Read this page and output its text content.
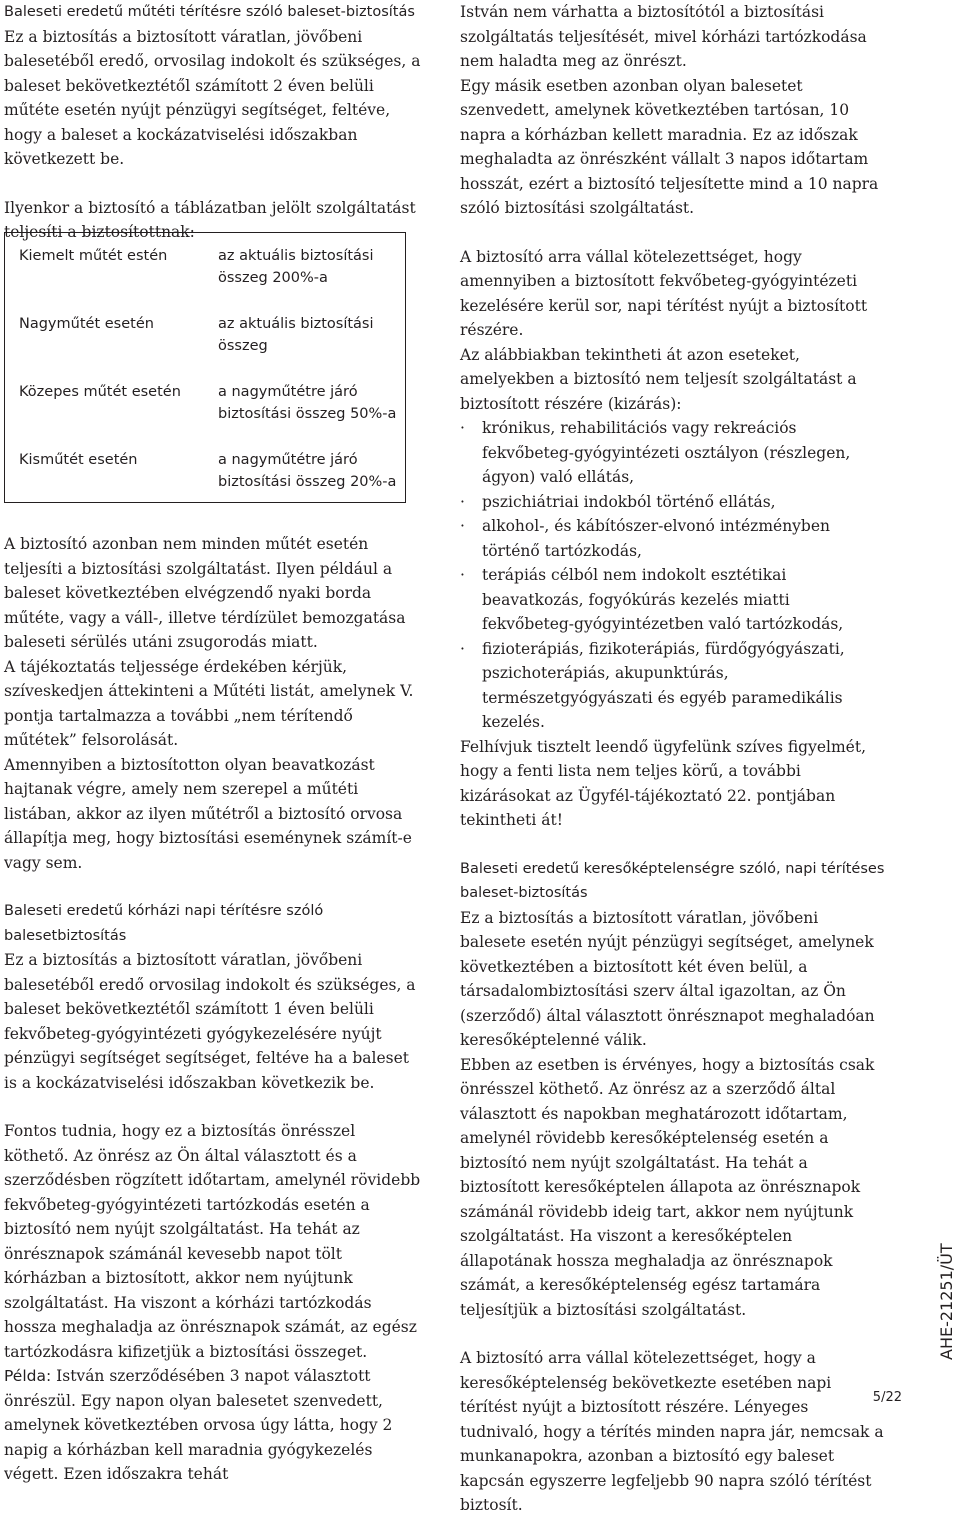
Baleseti eredetű műtéti térítésre szóló baleset-biztosítás

Ez a biztosítás a biztosított váratlan, jövőbeni balesetéből eredő, orvosilag indokolt és szükséges, a baleset bekövetkeztétől számított 2 éven belüli műtéte esetén nyújt pénzügyi segítséget, feltéve, hogy a baleset a kockázatviselési időszakban következett be.

Ilyenkor a biztosító a táblázatban jelölt szolgáltatást teljesíti a biztosítottnak:

Kiemelt műtét estén	az aktuális biztosítási összeg 200%-a
Nagyműtét esetén	az aktuális biztosítási összeg
Közepes műtét esetén	a nagyműtétre járó biztosítási összeg 50%-a
Kisműtét esetén	a nagyműtétre járó biztosítási összeg 20%-a

A biztosító azonban nem minden műtét esetén teljesíti a biztosítási szolgáltatást. Ilyen például a baleset következtében elvégzendő nyaki borda műtéte, vagy a váll-, illetve térdízület bemozgatása baleseti sérülés utáni zsugorodás miatt.

A tájékoztatás teljessége érdekében kérjük, szíveskedjen áttekinteni a Műtéti listát, amelynek V. pontja tartalmazza a további „nem térítendő műtétek” felsorolását.

Amennyiben a biztosítotton olyan beavatkozást hajtanak végre, amely nem szerepel a műtéti listában, akkor az ilyen műtétről a biztosító orvosa állapítja meg, hogy biztosítási eseménynek számít-e vagy sem.

Baleseti eredetű kórházi napi térítésre szóló balesetbiztosítás

Ez a biztosítás a biztosított váratlan, jövőbeni balesetéből eredő orvosilag indokolt és szükséges, a baleset bekövetkeztétől számított 1 éven belüli fekvőbeteg-gyógyintézeti gyógykezelésére nyújt pénzügyi segítséget segítséget, feltéve ha a baleset is a kockázatviselési időszakban következik be.

Fontos tudnia, hogy ez a biztosítás önrésszel köthető. Az önrész az Ön által választott és a szerződésben rögzített időtartam, amelynél rövidebb fekvőbeteg-gyógyintézeti tartózkodás esetén a biztosító nem nyújt szolgáltatást. Ha tehát az önrésznapok számánál kevesebb napot tölt kórházban a biztosított, akkor nem nyújtunk szolgáltatást. Ha viszont a kórházi tartózkodás hossza meghaladja az önrésznapok számát, az egész tartózkodásra kifizetjük a biztosítási összeget.

Példa: István szerződésében 3 napot választott önrészül. Egy napon olyan balesetet szenvedett, amelynek következtében orvosa úgy látta, hogy 2 napig a kórházban kell maradnia gyógykezelés végett. Ezen időszakra tehát

István nem várhatta a biztosítótól a biztosítási szolgáltatás teljesítését, mivel kórházi tartózkodása nem haladta meg az önrészt.

Egy másik esetben azonban olyan balesetet szenvedett, amelynek következtében tartósan, 10 napra a kórházban kellett maradnia. Ez az időszak meghaladta az önrészként vállalt 3 napos időtartam hosszát, ezért a biztosító teljesítette mind a 10 napra szóló biztosítási szolgáltatást.

A biztosító arra vállal kötelezettséget, hogy amennyiben a biztosított fekvőbeteg-gyógyintézeti kezelésére kerül sor, napi térítést nyújt a biztosított részére.

Az alábbiakban tekintheti át azon eseteket, amelyekben a biztosító nem teljesít szolgáltatást a biztosított részére (kizárás):

· krónikus, rehabilitációs vagy rekreációs fekvőbeteg-gyógyintézeti osztályon (részlegen, ágyon) való ellátás,
· pszichiátriai indokból történő ellátás,
· alkohol-, és kábítószer-elvonó intézményben történő tartózkodás,
· terápiás célból nem indokolt esztétikai beavatkozás, fogyókúrás kezelés miatti fekvőbeteg-gyógyintézetben való tartózkodás,
· fizioterápiás, fizikoterápiás, fürdőgyógyászati, pszichoterápiás, akupunktúrás, természetgyógyászati és egyéb paramedikális kezelés.

Felhívjuk tisztelt leendő ügyfelünk szíves figyelmét, hogy a fenti lista nem teljes körű, a további kizárásokat az Ügyfél-tájékoztató 22. pontjában tekintheti át!

Baleseti eredetű keresőképtelenségre szóló, napi térítéses baleset-biztosítás

Ez a biztosítás a biztosított váratlan, jövőbeni balesete esetén nyújt pénzügyi segítséget, amelynek következtében a biztosított két éven belül, a társadalombiztosítási szerv által igazoltan, az Ön (szerződő) által választott önrésznapot meghaladóan keresőképtelenné válik.

Ebben az esetben is érvényes, hogy a biztosítás csak önrésszel köthető. Az önrész az a szerződő által választott és napokban meghatározott időtartam, amelynél rövidebb keresőképtelenség esetén a biztosító nem nyújt szolgáltatást. Ha tehát a biztosított keresőképtelen állapota az önrésznapok számánál rövidebb ideig tart, akkor nem nyújtunk szolgáltatást. Ha viszont a keresőképtelen állapotának hossza meghaladja az önrésznapok számát, a keresőképtelenség egész tartamára teljesítjük a biztosítási szolgáltatást.

A biztosító arra vállal kötelezettséget, hogy a keresőképtelenség bekövetkezte esetében napi térítést nyújt a biztosított részére. Lényeges tudnivaló, hogy a térítés minden napra jár, nemcsak a munkanapokra, azonban a biztosító egy baleset kapcsán egyszerre legfeljebb 90 napra szóló térítést biztosít.

AHE-21251/ÜT
5/22
